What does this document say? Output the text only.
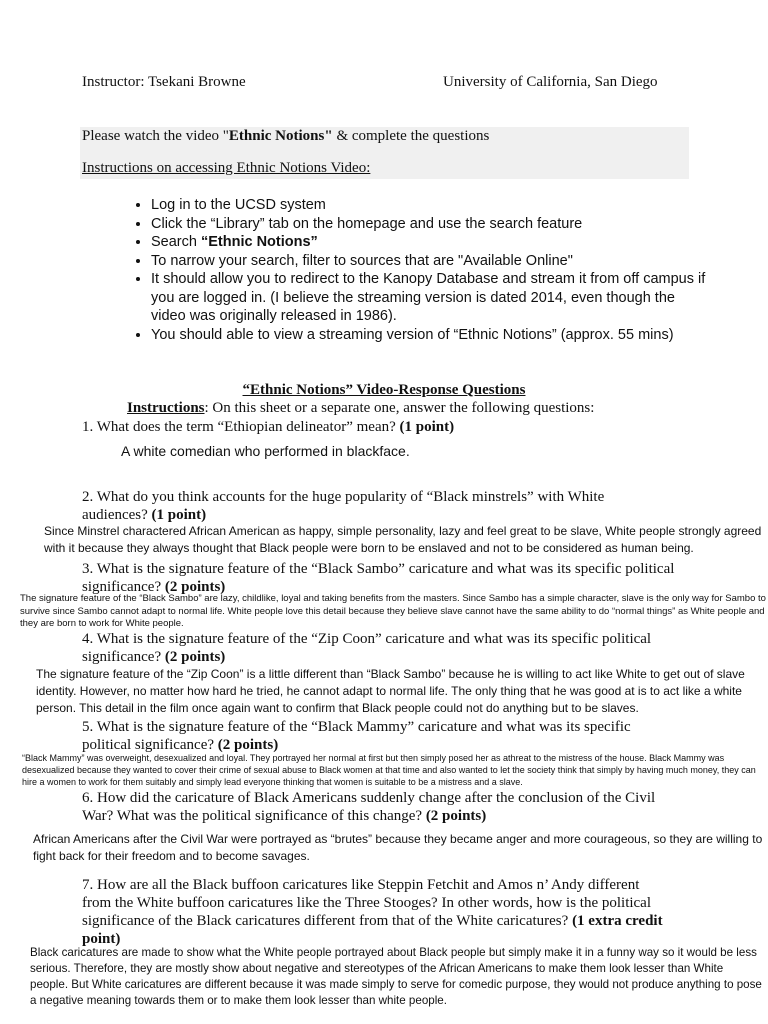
Instructor: Tsekani Browne	University of California, San Diego
Please watch the video "Ethnic Notions" & complete the questions
Instructions on accessing Ethnic Notions Video:
• Log in to the UCSD system
• Click the “Library” tab on the homepage and use the search feature
• Search “Ethnic Notions”
• To narrow your search, filter to sources that are "Available Online"
• It should allow you to redirect to the Kanopy Database and stream it from off campus if you are logged in. (I believe the streaming version is dated 2014, even though the video was originally released in 1986).
• You should able to view a streaming version of “Ethnic Notions” (approx. 55 mins)
“Ethnic Notions” Video-Response Questions
Instructions: On this sheet or a separate one, answer the following questions:
1. What does the term “Ethiopian delineator” mean? (1 point)
A white comedian who performed in blackface.
2. What do you think accounts for the huge popularity of “Black minstrels” with White audiences? (1 point)
Since Minstrel charactered African American as happy, simple personality, lazy and feel great to be slave, White people strongly agreed with it because they always thought that Black people were born to be enslaved and not to be considered as human being.
3. What is the signature feature of the “Black Sambo” caricature and what was its specific political significance? (2 points)
The signature feature of the “Black Sambo” are lazy, childlike, loyal and taking benefits from the masters. Since Sambo has a simple character, slave is the only way for Sambo to survive since Sambo cannot adapt to normal life. White people love this detail because they believe slave cannot have the same ability to do “normal things” as White people and they are born to work for White people.
4. What is the signature feature of the “Zip Coon” caricature and what was its specific political significance? (2 points)
The signature feature of the “Zip Coon” is a little different than “Black Sambo” because he is willing to act like White to get out of slave identity. However, no matter how hard he tried, he cannot adapt to normal life. The only thing that he was good at is to act like a white person. This detail in the film once again want to confirm that Black people could not do anything but to be slaves.
5. What is the signature feature of the “Black Mammy” caricature and what was its specific political significance? (2 points)
“Black Mammy” was overweight, desexualized and loyal. They portrayed her normal at first but then simply posed her as athreat to the mistress of the house. Black Mammy was desexualized because they wanted to cover their crime of sexual abuse to Black women at that time and also wanted to let the society think that simply by having much money, they can hire a women to work for them suitably and simply lead everyone thinking that women is suitable to be a mistress and a slave.
6. How did the caricature of Black Americans suddenly change after the conclusion of the Civil War? What was the political significance of this change? (2 points)
African Americans after the Civil War were portrayed as “brutes” because they became anger and more courageous, so they are willing to fight back for their freedom and to become savages.
7. How are all the Black buffoon caricatures like Steppin Fetchit and Amos n’ Andy different from the White buffoon caricatures like the Three Stooges? In other words, how is the political significance of the Black caricatures different from that of the White caricatures? (1 extra credit point)
Black caricatures are made to show what the White people portrayed about Black people but simply make it in a funny way so it would be less serious. Therefore, they are mostly show about negative and stereotypes of the African Americans to make them look lesser than White people. But White caricatures are different because it was made simply to serve for comedic purpose, they would not produce anything to pose a negative meaning towards them or to make them look lesser than white people.
